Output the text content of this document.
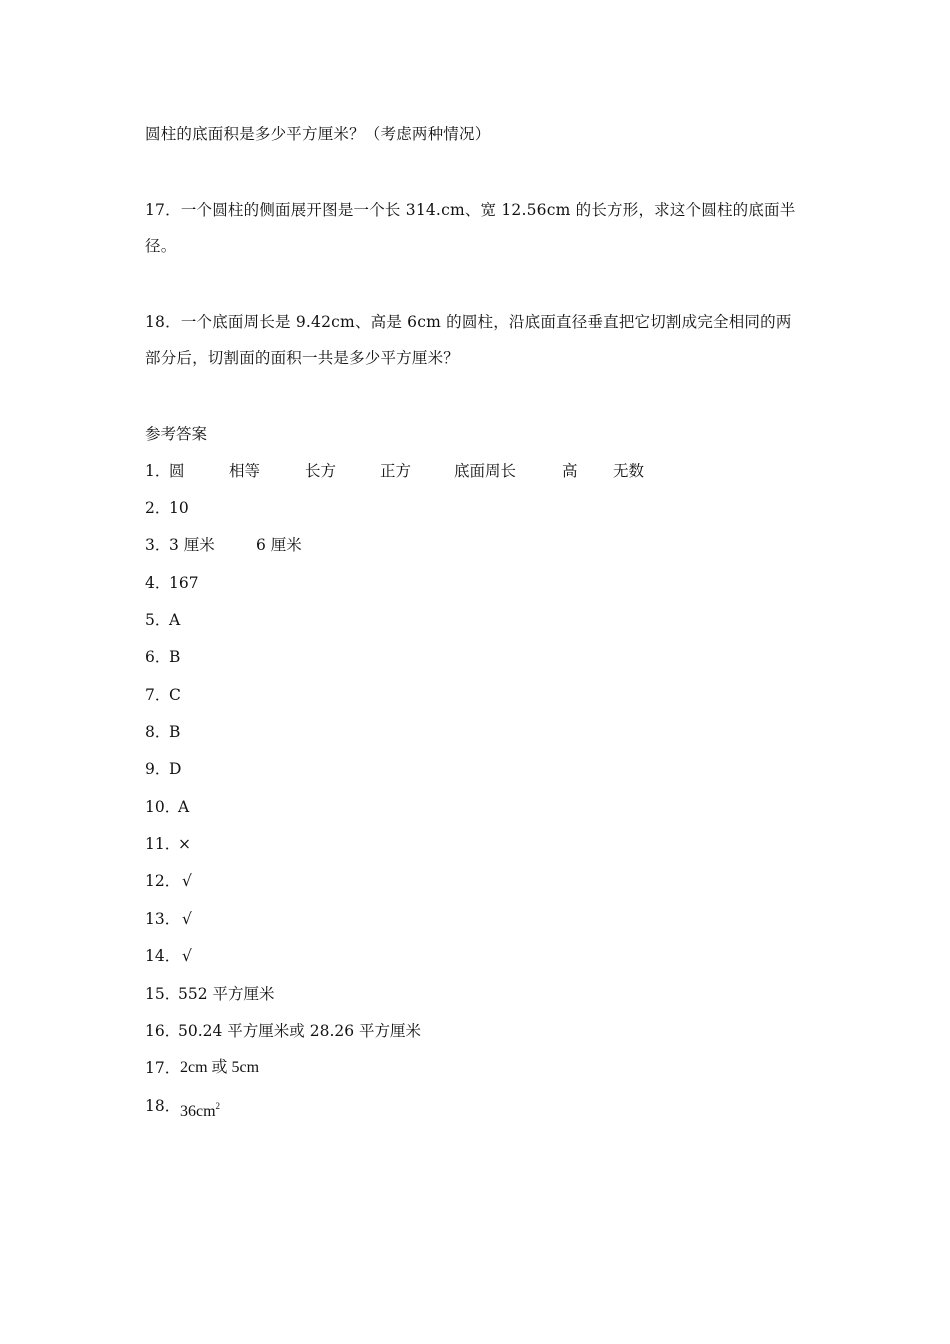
圆柱的底面积是多少平方厘米？（考虑两种情况）
17．一个圆柱的侧面展开图是一个长 314.cm、宽 12.56cm 的长方形，求这个圆柱的底面半
径。
18．一个底面周长是 9.42cm、高是 6cm 的圆柱，沿底面直径垂直把它切割成完全相同的两
部分后，切割面的面积一共是多少平方厘米？
参考答案
1．
圆	相等	长方	正方	底面周长	高	无数
2．
10
3．
3 厘米	6 厘米
4．
167
5．
A
6．
B
7．
C
8．
B
9．
D
10．
A
11．
×
12． √
13． √
14． √
15．
552 平方厘米
16．
50.24 平方厘米或 28.26 平方厘米
17． 2cm 或 5cm
18． $36cm^2$
